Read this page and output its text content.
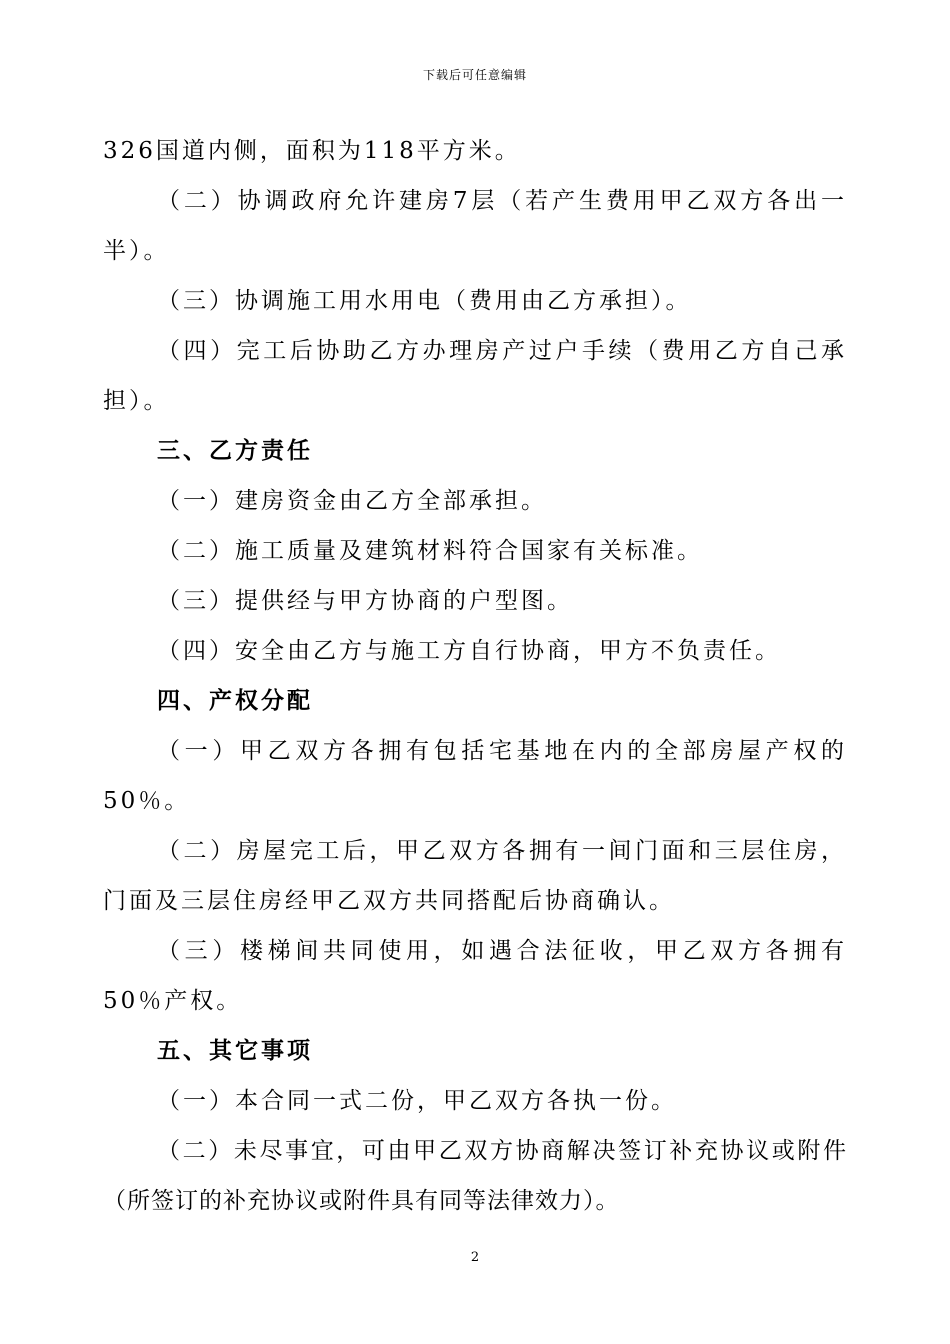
下载后可任意编辑

326国道内侧，面积为118平方米。

（二）协调政府允许建房7层（若产生费用甲乙双方各出一半）。

（三）协调施工用水用电（费用由乙方承担）。

（四）完工后协助乙方办理房产过户手续（费用乙方自己承担）。

三、乙方责任

（一）建房资金由乙方全部承担。

（二）施工质量及建筑材料符合国家有关标准。

（三）提供经与甲方协商的户型图。

（四）安全由乙方与施工方自行协商，甲方不负责任。

四、产权分配

（一）甲乙双方各拥有包括宅基地在内的全部房屋产权的50％。

（二）房屋完工后，甲乙双方各拥有一间门面和三层住房，门面及三层住房经甲乙双方共同搭配后协商确认。

（三）楼梯间共同使用，如遇合法征收，甲乙双方各拥有50％产权。

五、其它事项

（一）本合同一式二份，甲乙双方各执一份。

（二）未尽事宜，可由甲乙双方协商解决签订补充协议或附件（所签订的补充协议或附件具有同等法律效力）。

2
